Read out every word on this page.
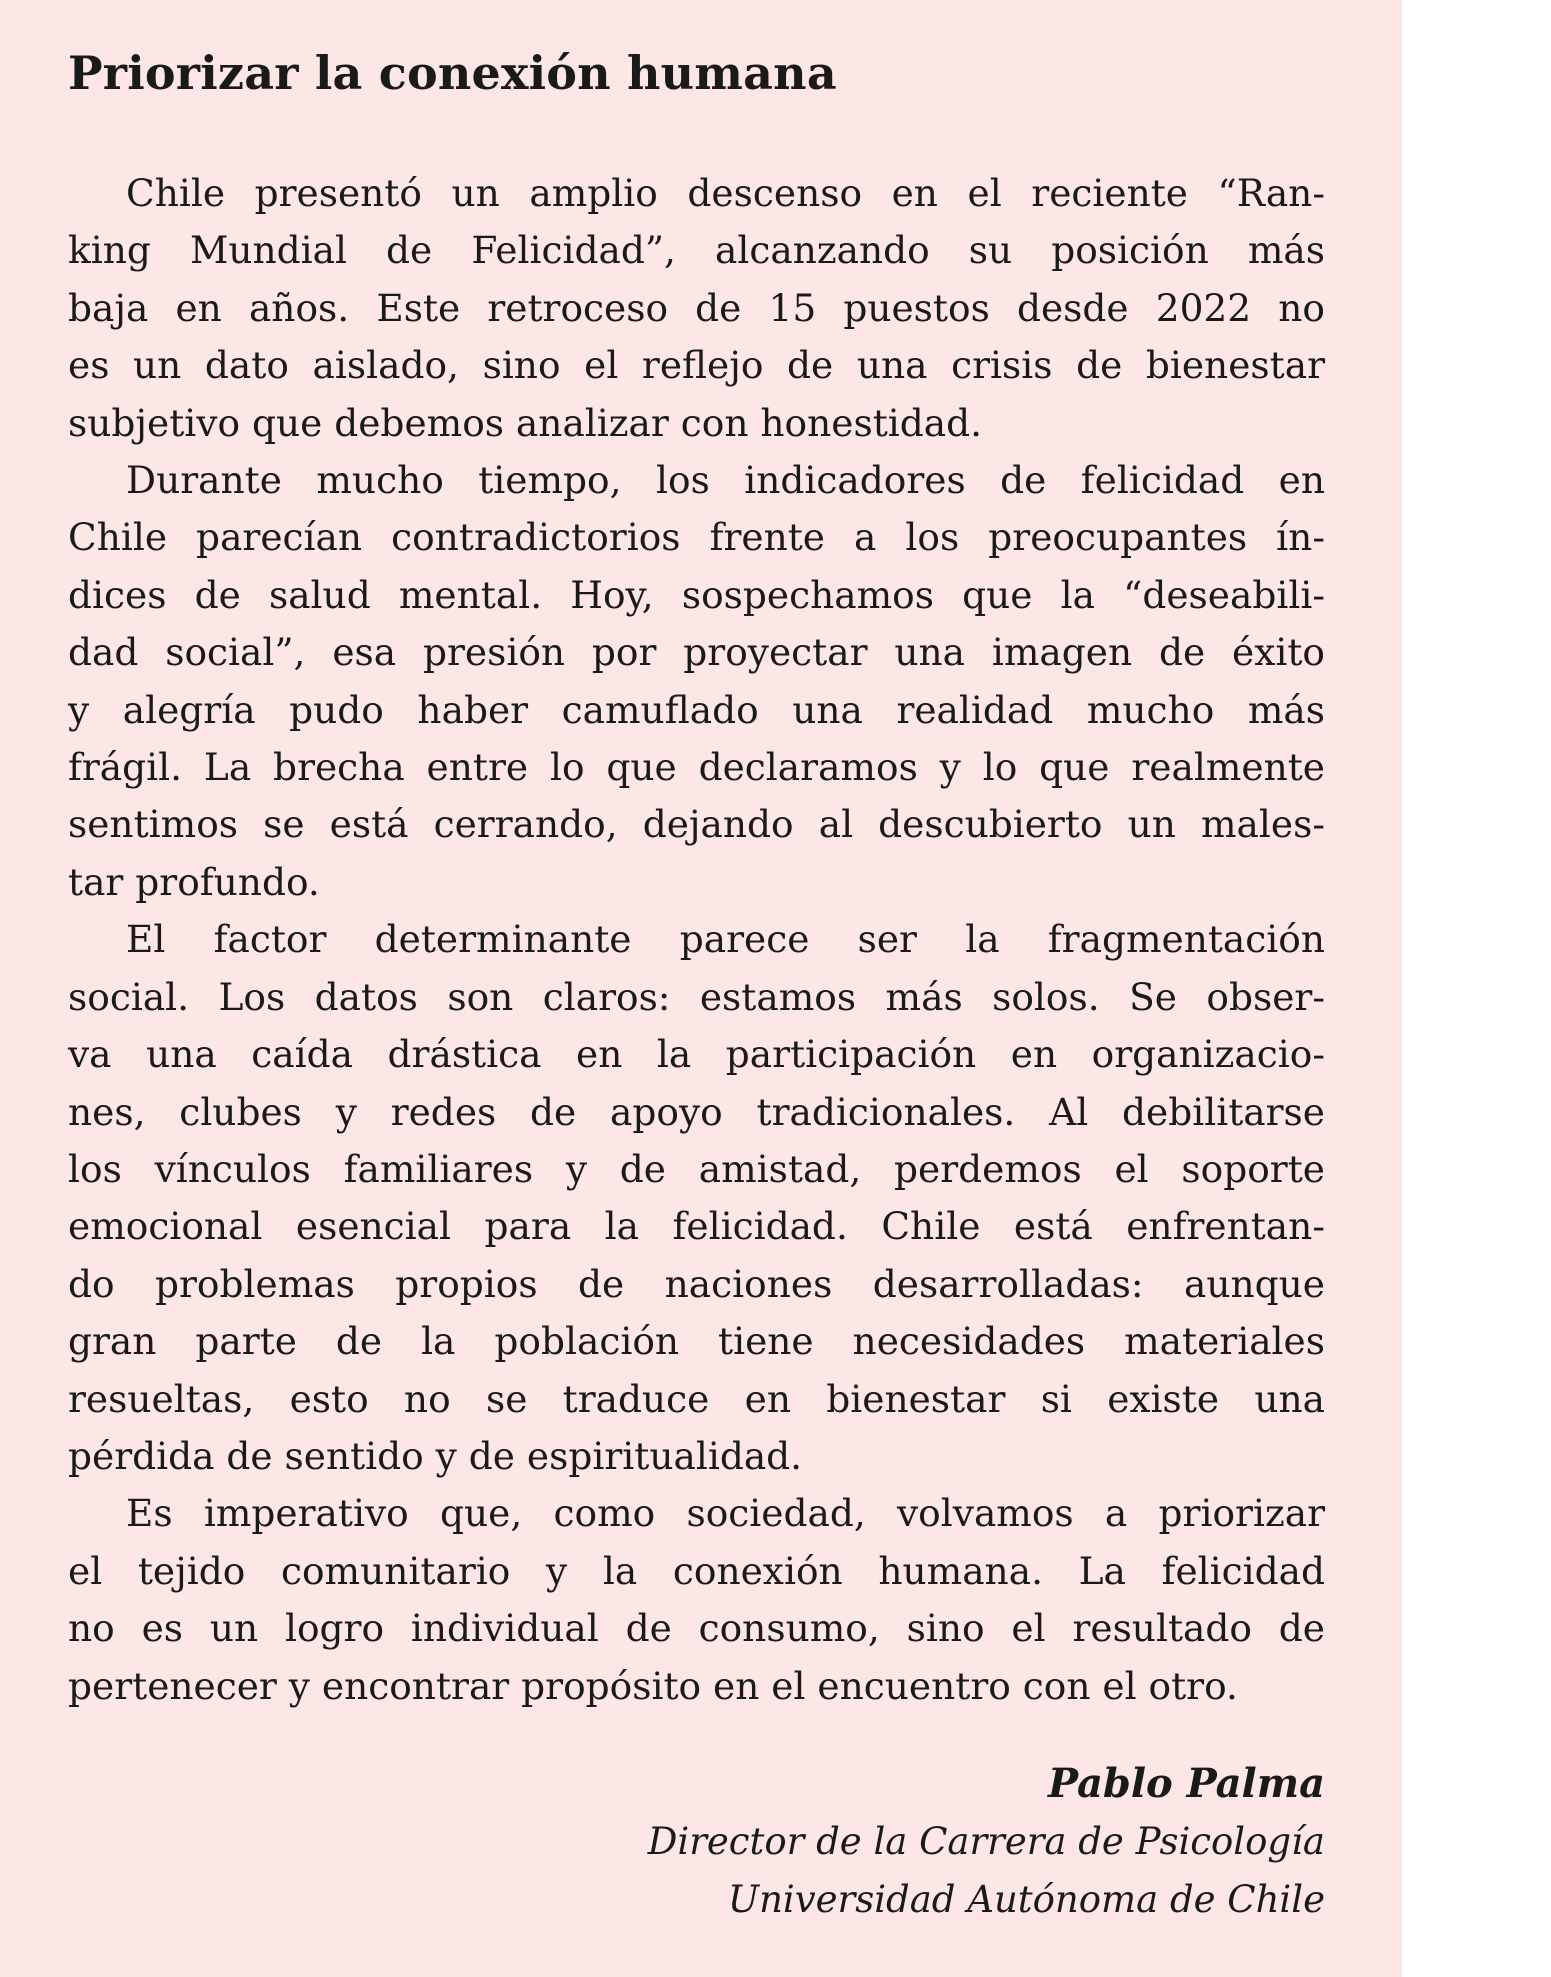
Priorizar la conexión humana

Chile presentó un amplio descenso en el reciente “Ran-
king Mundial de Felicidad”, alcanzando su posición más
baja en años. Este retroceso de 15 puestos desde 2022 no
es un dato aislado, sino el reflejo de una crisis de bienestar
subjetivo que debemos analizar con honestidad.

Durante mucho tiempo, los indicadores de felicidad en
Chile parecían contradictorios frente a los preocupantes ín-
dices de salud mental. Hoy, sospechamos que la “deseabili-
dad social”, esa presión por proyectar una imagen de éxito
y alegría pudo haber camuflado una realidad mucho más
frágil. La brecha entre lo que declaramos y lo que realmente
sentimos se está cerrando, dejando al descubierto un males-
tar profundo.

El factor determinante parece ser la fragmentación
social. Los datos son claros: estamos más solos. Se obser-
va una caída drástica en la participación en organizacio-
nes, clubes y redes de apoyo tradicionales. Al debilitarse
los vínculos familiares y de amistad, perdemos el soporte
emocional esencial para la felicidad. Chile está enfrentan-
do problemas propios de naciones desarrolladas: aunque
gran parte de la población tiene necesidades materiales
resueltas, esto no se traduce en bienestar si existe una
pérdida de sentido y de espiritualidad.

Es imperativo que, como sociedad, volvamos a priorizar
el tejido comunitario y la conexión humana. La felicidad
no es un logro individual de consumo, sino el resultado de
pertenecer y encontrar propósito en el encuentro con el otro.

Pablo Palma
Director de la Carrera de Psicología
Universidad Autónoma de Chile
